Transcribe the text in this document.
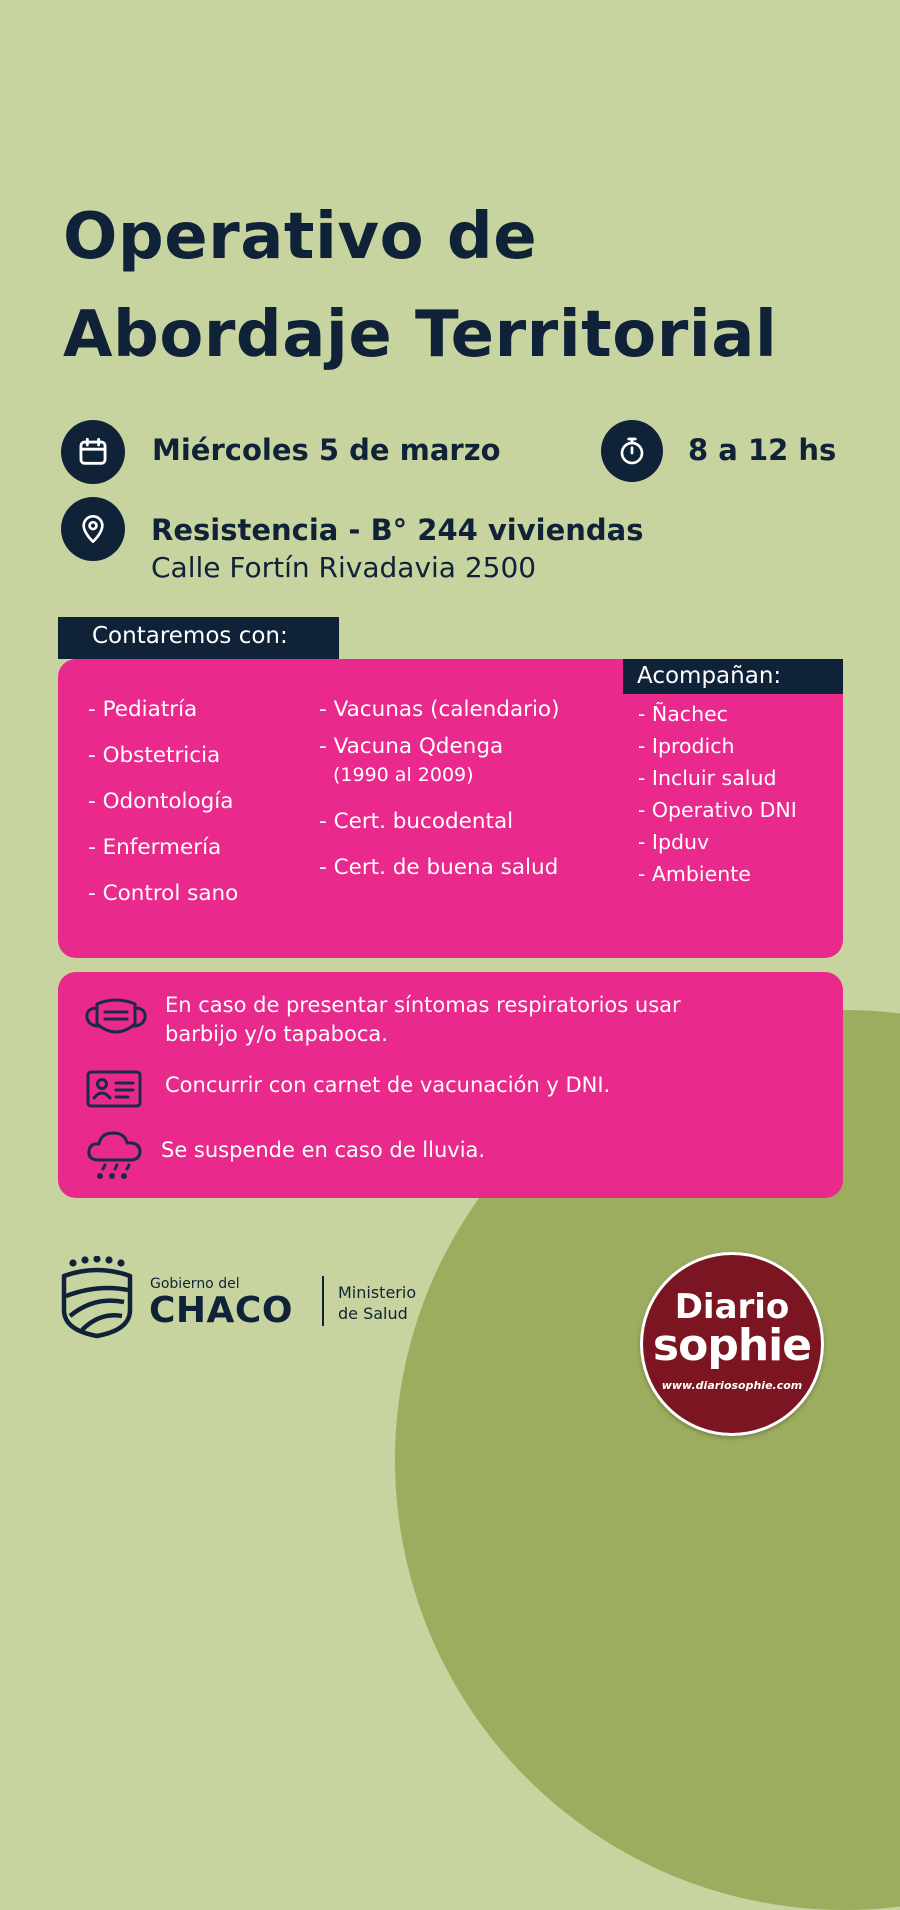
Operativo de
Abordaje Territorial
Miércoles 5 de marzo	8 a 12 hs
Resistencia - B° 244 viviendas
Calle Fortín Rivadavia 2500
Contaremos con:
Acompañan:
- Pediatría
- Obstetricia
- Odontología
- Enfermería
- Control sano
- Vacunas (calendario)
- Vacuna Qdenga
(1990 al 2009)
- Cert. bucodental
- Cert. de buena salud
- Ñachec
- Iprodich
- Incluir salud
- Operativo DNI
- Ipduv
- Ambiente
En caso de presentar síntomas respiratorios usar
barbijo y/o tapaboca.
Concurrir con carnet de vacunación y DNI.
Se suspende en caso de lluvia.
Gobierno del
CHACO	Ministerio
de Salud	Diario
sophie
www.diariosophie.com
